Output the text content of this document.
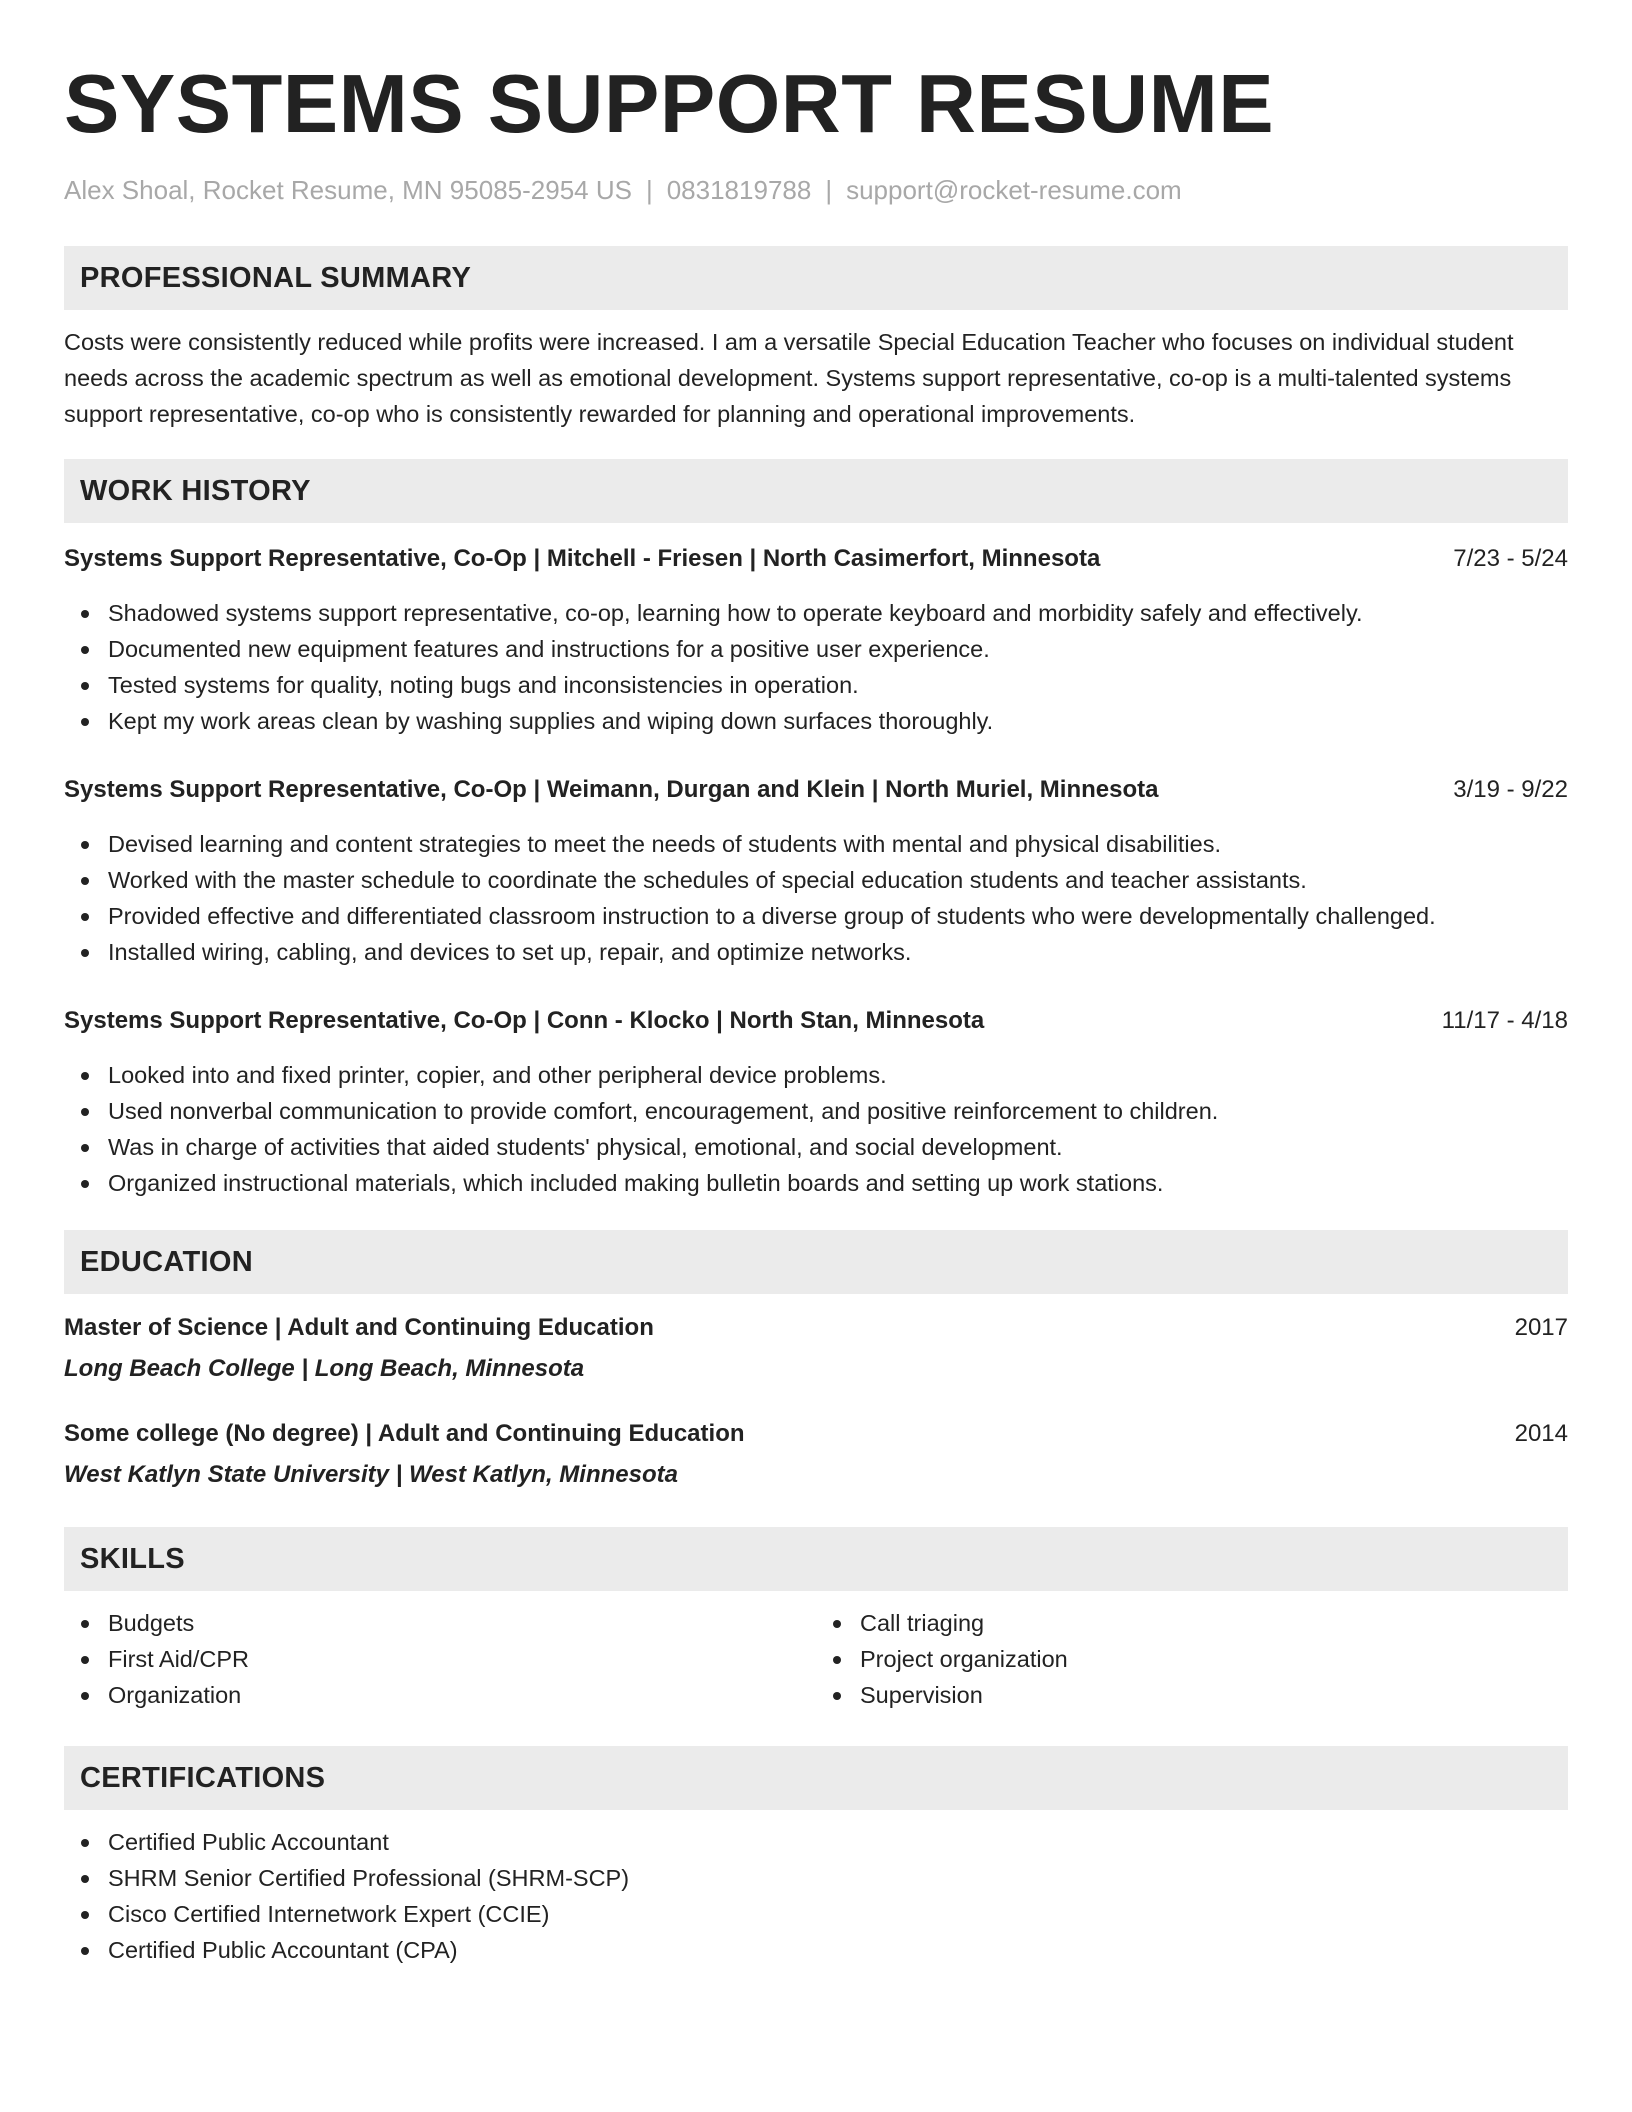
SYSTEMS SUPPORT RESUME
Alex Shoal, Rocket Resume, MN 95085-2954 US | 0831819788 | support@rocket-resume.com
PROFESSIONAL SUMMARY

Costs were consistently reduced while profits were increased. I am a versatile Special Education Teacher who focuses on individual student needs across the academic spectrum as well as emotional development. Systems support representative, co-op is a multi-talented systems support representative, co-op who is consistently rewarded for planning and operational improvements.

WORK HISTORY
Systems Support Representative, Co-Op | Mitchell - Friesen | North Casimerfort, Minnesota	7/23 - 5/24
Shadowed systems support representative, co-op, learning how to operate keyboard and morbidity safely and effectively.
Documented new equipment features and instructions for a positive user experience.
Tested systems for quality, noting bugs and inconsistencies in operation.
Kept my work areas clean by washing supplies and wiping down surfaces thoroughly.
Systems Support Representative, Co-Op | Weimann, Durgan and Klein | North Muriel, Minnesota	3/19 - 9/22
Devised learning and content strategies to meet the needs of students with mental and physical disabilities.
Worked with the master schedule to coordinate the schedules of special education students and teacher assistants.
Provided effective and differentiated classroom instruction to a diverse group of students who were developmentally challenged.
Installed wiring, cabling, and devices to set up, repair, and optimize networks.
Systems Support Representative, Co-Op | Conn - Klocko | North Stan, Minnesota	11/17 - 4/18
Looked into and fixed printer, copier, and other peripheral device problems.
Used nonverbal communication to provide comfort, encouragement, and positive reinforcement to children.
Was in charge of activities that aided students' physical, emotional, and social development.
Organized instructional materials, which included making bulletin boards and setting up work stations.
EDUCATION
Master of Science | Adult and Continuing Education	2017
Long Beach College | Long Beach, Minnesota
Some college (No degree) | Adult and Continuing Education	2014
West Katlyn State University | West Katlyn, Minnesota
SKILLS
Budgets
First Aid/CPR
Organization
Call triaging
Project organization
Supervision
CERTIFICATIONS
Certified Public Accountant
SHRM Senior Certified Professional (SHRM-SCP)
Cisco Certified Internetwork Expert (CCIE)
Certified Public Accountant (CPA)
